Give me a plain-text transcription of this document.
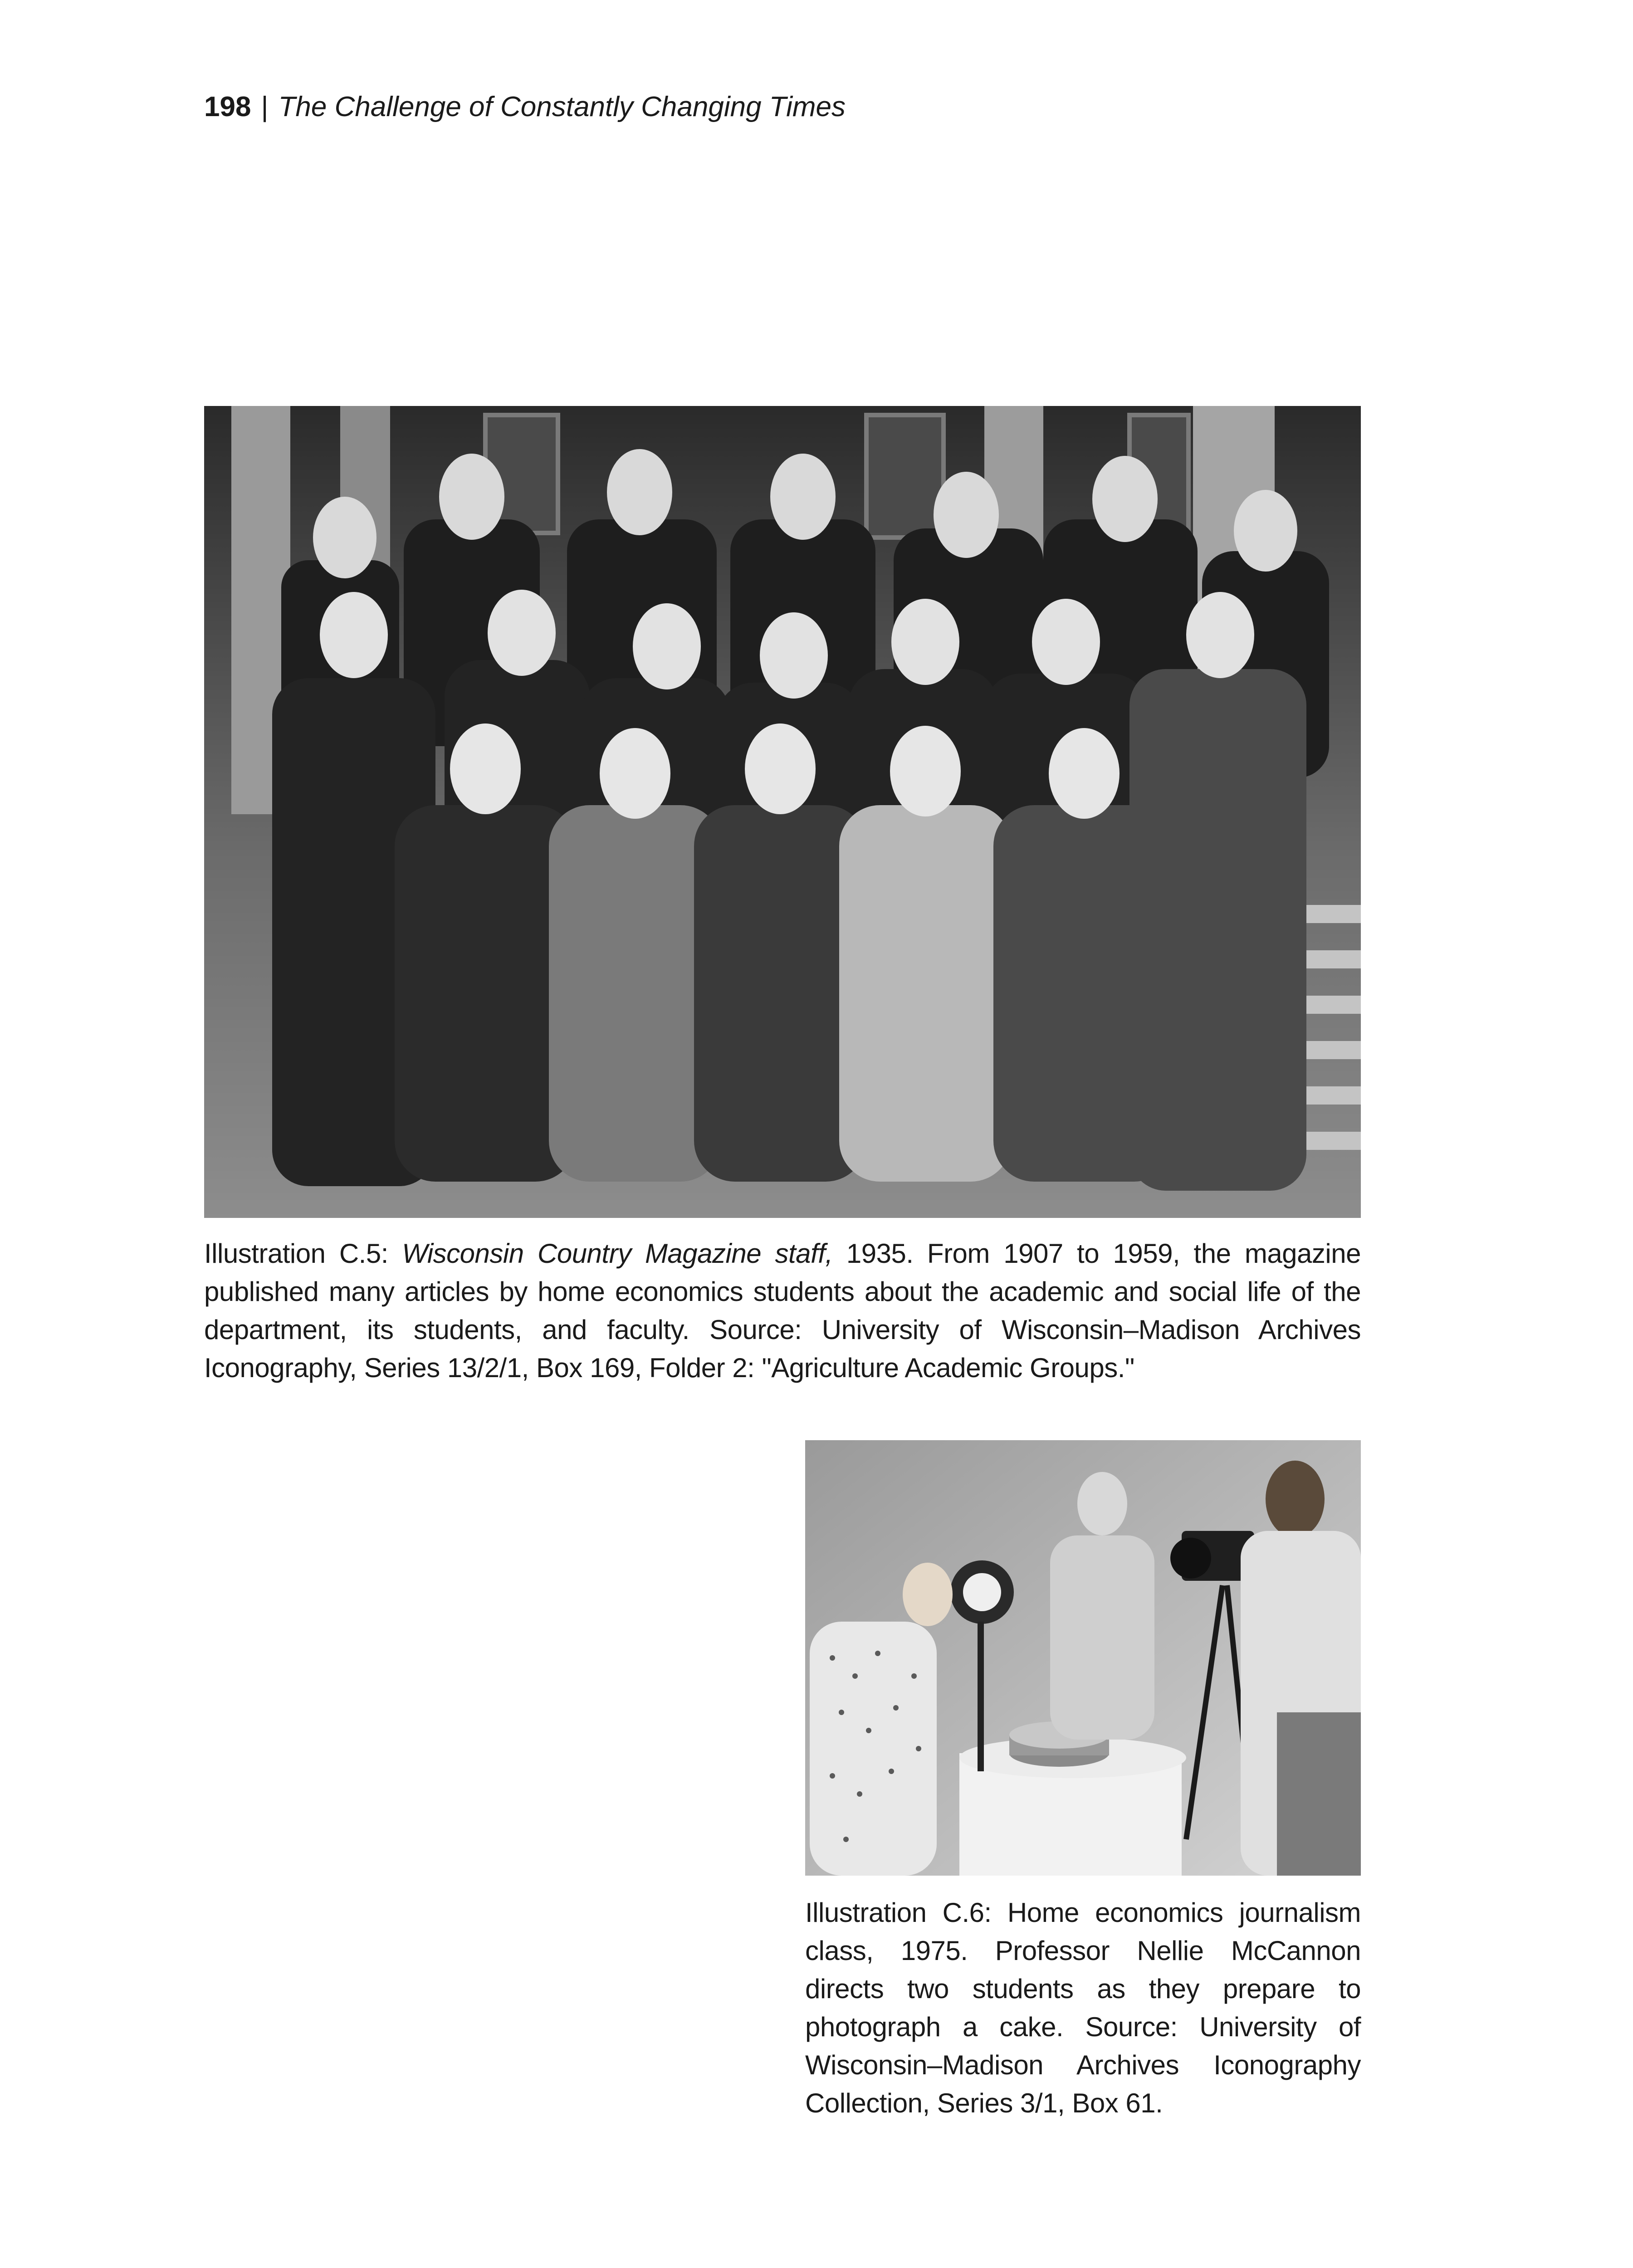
198 | The Challenge of Constantly Changing Times
Illustration C.5: Wisconsin Country Magazine staff, 1935. From 1907 to 1959, the magazine published many articles by home economics students about the academic and social life of the department, its students, and faculty. Source: University of Wisconsin–Madison Archives Iconography, Series 13/2/1, Box 169, Folder 2: "Agriculture Academic Groups."
Illustration C.6: Home economics journalism class, 1975. Professor Nellie McCannon directs two students as they prepare to photograph a cake. Source: University of Wisconsin–Madison Archives Iconography Collection, Series 3/1, Box 61.
